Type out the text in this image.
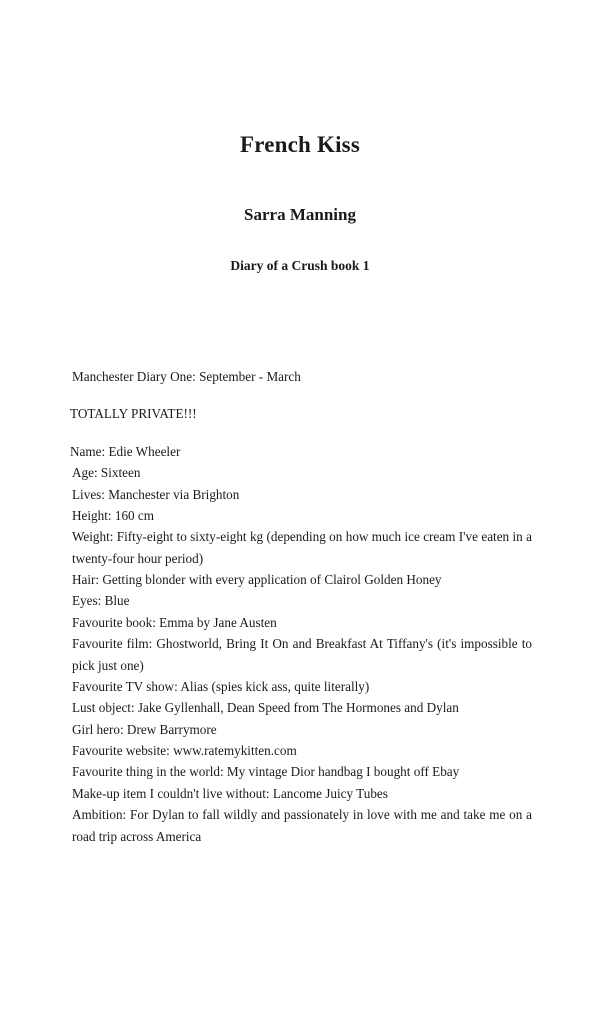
French Kiss

Sarra Manning

Diary of a Crush book 1

Manchester Diary One: September - March

TOTALLY PRIVATE!!!

Name: Edie Wheeler

Age: Sixteen

Lives: Manchester via Brighton

Height: 160 cm

Weight: Fifty-eight to sixty-eight kg (depending on how much ice cream I've eaten in a twenty-four hour period)

Hair: Getting blonder with every application of Clairol Golden Honey

Eyes: Blue

Favourite book: Emma by Jane Austen

Favourite film: Ghostworld, Bring It On and Breakfast At Tiffany's (it's impossible to pick just one)

Favourite TV show: Alias (spies kick ass, quite literally)

Lust object: Jake Gyllenhall, Dean Speed from The Hormones and Dylan

Girl hero: Drew Barrymore

Favourite website: www.ratemykitten.com

Favourite thing in the world: My vintage Dior handbag I bought off Ebay

Make-up item I couldn't live without: Lancome Juicy Tubes

Ambition: For Dylan to fall wildly and passionately in love with me and take me on a road trip across America
